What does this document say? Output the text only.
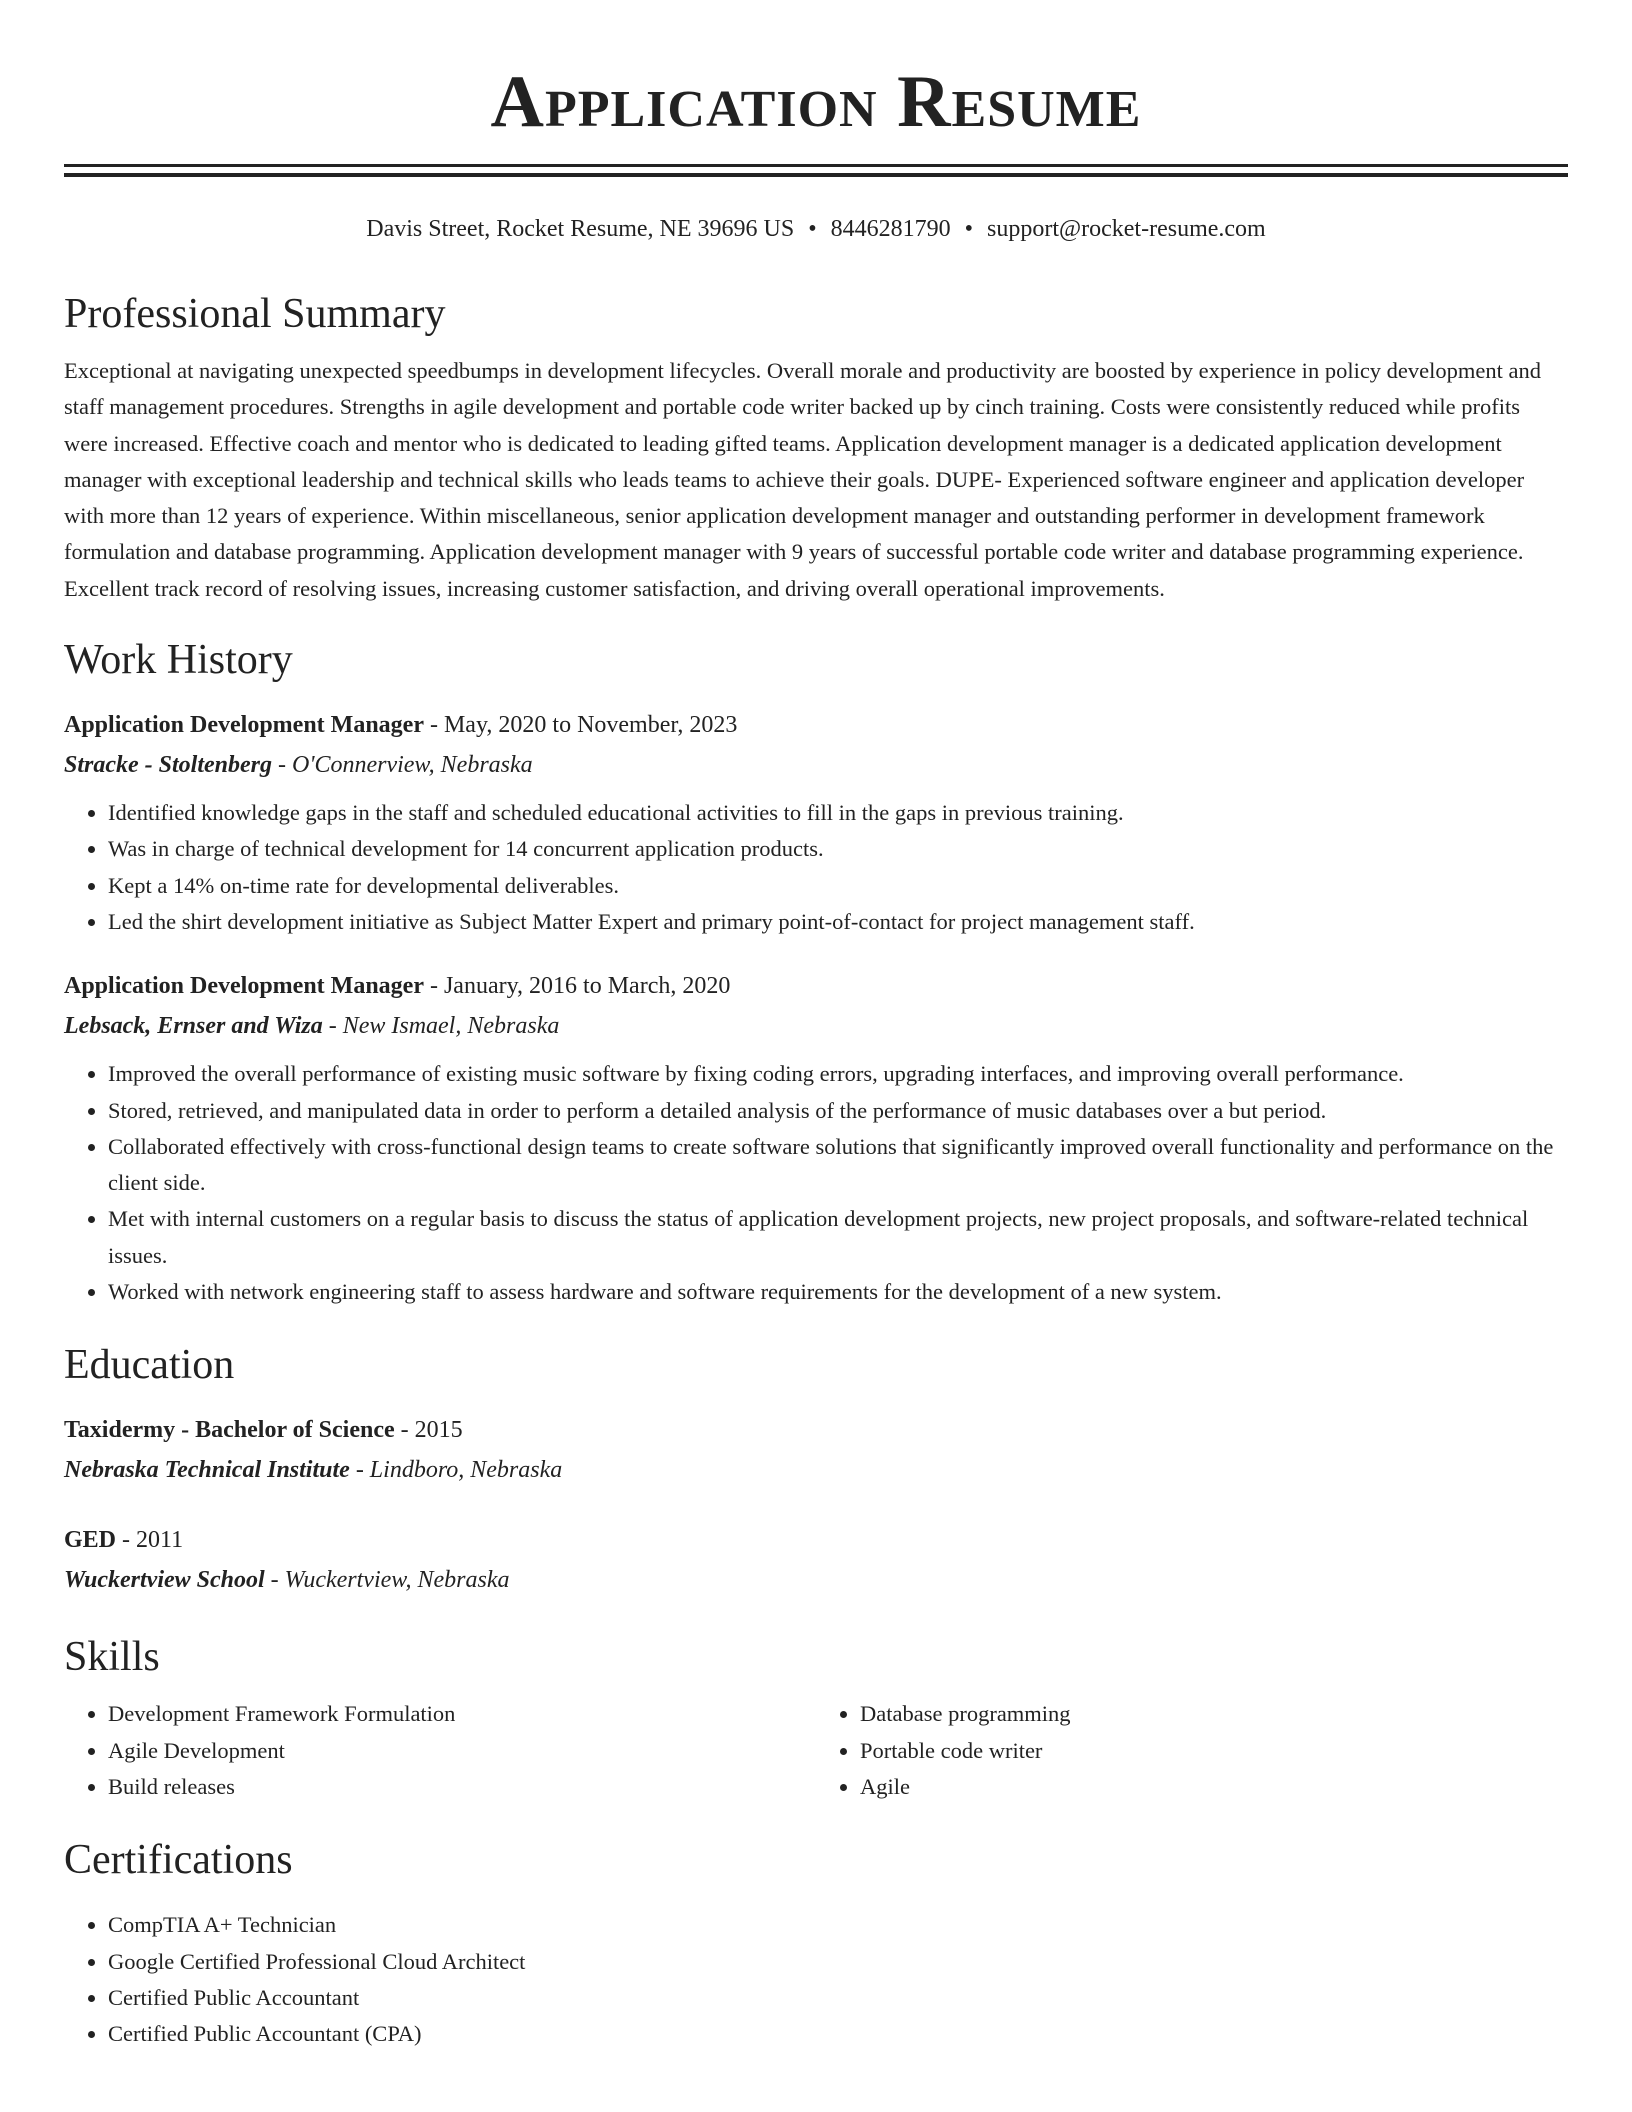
Application Resume
Davis Street, Rocket Resume, NE 39696 US • 8446281790 • support@rocket-resume.com
Professional Summary
Exceptional at navigating unexpected speedbumps in development lifecycles. Overall morale and productivity are boosted by experience in policy development and staff management procedures. Strengths in agile development and portable code writer backed up by cinch training. Costs were consistently reduced while profits were increased. Effective coach and mentor who is dedicated to leading gifted teams. Application development manager is a dedicated application development manager with exceptional leadership and technical skills who leads teams to achieve their goals. DUPE- Experienced software engineer and application developer with more than 12 years of experience. Within miscellaneous, senior application development manager and outstanding performer in development framework formulation and database programming. Application development manager with 9 years of successful portable code writer and database programming experience. Excellent track record of resolving issues, increasing customer satisfaction, and driving overall operational improvements.
Work History
Application Development Manager - May, 2020 to November, 2023
Stracke - Stoltenberg - O'Connerview, Nebraska
• Identified knowledge gaps in the staff and scheduled educational activities to fill in the gaps in previous training.
• Was in charge of technical development for 14 concurrent application products.
• Kept a 14% on-time rate for developmental deliverables.
• Led the shirt development initiative as Subject Matter Expert and primary point-of-contact for project management staff.
Application Development Manager - January, 2016 to March, 2020
Lebsack, Ernser and Wiza - New Ismael, Nebraska
• Improved the overall performance of existing music software by fixing coding errors, upgrading interfaces, and improving overall performance.
• Stored, retrieved, and manipulated data in order to perform a detailed analysis of the performance of music databases over a but period.
• Collaborated effectively with cross-functional design teams to create software solutions that significantly improved overall functionality and performance on the client side.
• Met with internal customers on a regular basis to discuss the status of application development projects, new project proposals, and software-related technical issues.
• Worked with network engineering staff to assess hardware and software requirements for the development of a new system.
Education
Taxidermy - Bachelor of Science - 2015
Nebraska Technical Institute - Lindboro, Nebraska
GED - 2011
Wuckertview School - Wuckertview, Nebraska
Skills
• Development Framework Formulation
• Agile Development
• Build releases
• Database programming
• Portable code writer
• Agile
Certifications
• CompTIA A+ Technician
• Google Certified Professional Cloud Architect
• Certified Public Accountant
• Certified Public Accountant (CPA)
